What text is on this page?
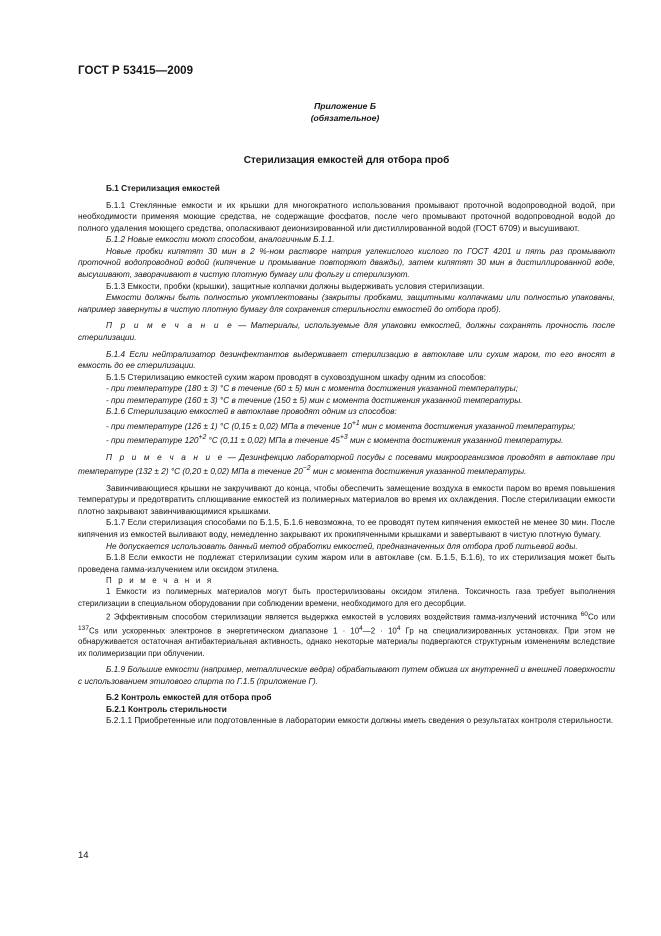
ГОСТ Р 53415—2009
Приложение Б
(обязательное)
Стерилизация емкостей для отбора проб

Б.1 Стерилизация емкостей

Б.1.1 Стеклянные емкости и их крышки для многократного использования промывают проточной водопроводной водой, при необходимости применяя моющие средства, не содержащие фосфатов, после чего промывают проточной водопроводной водой до полного удаления моющего средства, ополаскивают деионизированной или дистиллированной водой (ГОСТ 6709) и высушивают.

Б.1.2 Новые емкости моют способом, аналогичным Б.1.1.

Новые пробки кипятят 30 мин в 2 %-ном растворе натрия углекислого кислого по ГОСТ 4201 и пять раз промывают проточной водопроводной водой (кипячение и промывание повторяют дважды), затем кипятят 30 мин в дистиллированной воде, высушивают, заворачивают в чистую плотную бумагу или фольгу и стерилизуют.

Б.1.3 Емкости, пробки (крышки), защитные колпачки должны выдерживать условия стерилизации.

Емкости должны быть полностью укомплектованы (закрыты пробками, защитными колпачками или полностью упакованы, например завернуты в чистую плотную бумагу для сохранения стерильности емкостей до отбора проб).

П р и м е ч а н и е — Материалы, используемые для упаковки емкостей, должны сохранять прочность после стерилизации.

Б.1.4 Если нейтрализатор дезинфектантов выдерживает стерилизацию в автоклаве или сухим жаром, то его вносят в емкость до ее стерилизации.

Б.1.5 Стерилизацию емкостей сухим жаром проводят в суховоздушном шкафу одним из способов:

- при температуре (180 ± 3) °C в течение (60 ± 5) мин с момента достижения указанной температуры;

- при температуре (160 ± 3) °C в течение (150 ± 5) мин с момента достижения указанной температуры.

Б.1.6 Стерилизацию емкостей в автоклаве проводят одним из способов:

- при температуре (126 ± 1) °C (0,15 ± 0,02) МПа в течение $10^{+1}$ мин с момента достижения указанной температуры;

- при температуре $120^{+2}$ °C (0,11 ± 0,02) МПа в течение $45^{+3}$ мин с момента достижения указанной температуры.

П р и м е ч а н и е — Дезинфекцию лабораторной посуды с посевами микроорганизмов проводят в автоклаве при температуре (132 ± 2) °C (0,20 ± 0,02) МПа в течение $20^{-2}$ мин с момента достижения указанной температуры.

Завинчивающиеся крышки не закручивают до конца, чтобы обеспечить замещение воздуха в емкости паром во время повышения температуры и предотвратить сплющивание емкостей из полимерных материалов во время их охлаждения. После стерилизации емкости плотно закрывают завинчивающимися крышками.

Б.1.7 Если стерилизация способами по Б.1.5, Б.1.6 невозможна, то ее проводят путем кипячения емкостей не менее 30 мин. После кипячения из емкостей выливают воду, немедленно закрывают их прокипяченными крышками и завертывают в чистую плотную бумагу.

Не допускается использовать данный метод обработки емкостей, предназначенных для отбора проб питьевой воды.

Б.1.8 Если емкости не подлежат стерилизации сухим жаром или в автоклаве (см. Б.1.5, Б.1.6), то их стерилизация может быть проведена гамма-излучением или оксидом этилена.

П р и м е ч а н и я

1 Емкости из полимерных материалов могут быть простерилизованы оксидом этилена. Токсичность газа требует выполнения стерилизации в специальном оборудовании при соблюдении времени, необходимого для его десорбции.

2 Эффективным способом стерилизации является выдержка емкостей в условиях воздействия гамма-излучений источника $^{60}$Co или $^{137}$Cs или ускоренных электронов в энергетическом диапазоне $1 \cdot 10^4—2 \cdot 10^4$ Гр на специализированных установках. При этом не обнаруживается остаточная антибактериальная активность, однако некоторые материалы подвергаются структурным изменениям вследствие их полимеризации при облучении.

Б.1.9 Большие емкости (например, металлические ведра) обрабатывают путем обжига их внутренней и внешней поверхности с использованием этилового спирта по Г.1.5 (приложение Г).

Б.2 Контроль емкостей для отбора проб

Б.2.1 Контроль стерильности

Б.2.1.1 Приобретенные или подготовленные в лаборатории емкости должны иметь сведения о результатах контроля стерильности.

14
